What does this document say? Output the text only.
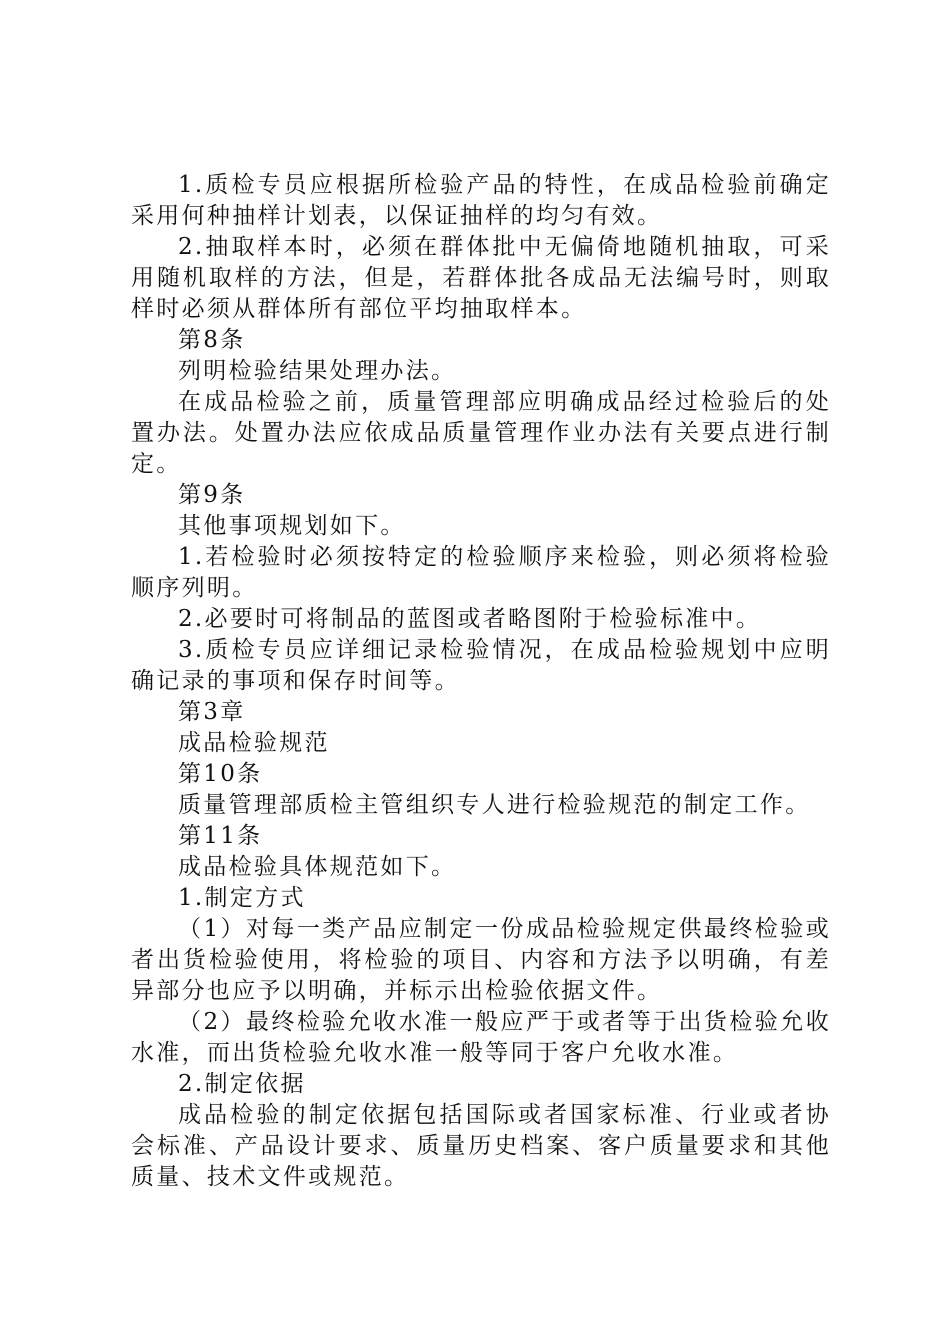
1.质检专员应根据所检验产品的特性，在成品检验前确定采用何种抽样计划表，以保证抽样的均匀有效。

2.抽取样本时，必须在群体批中无偏倚地随机抽取，可采用随机取样的方法，但是，若群体批各成品无法编号时，则取样时必须从群体所有部位平均抽取样本。

第8条

列明检验结果处理办法。

在成品检验之前，质量管理部应明确成品经过检验后的处置办法。处置办法应依成品质量管理作业办法有关要点进行制定。

第9条

其他事项规划如下。

1.若检验时必须按特定的检验顺序来检验，则必须将检验顺序列明。

2.必要时可将制品的蓝图或者略图附于检验标准中。

3.质检专员应详细记录检验情况，在成品检验规划中应明确记录的事项和保存时间等。

第3章

成品检验规范

第10条

质量管理部质检主管组织专人进行检验规范的制定工作。

第11条

成品检验具体规范如下。

1.制定方式

（1）对每一类产品应制定一份成品检验规定供最终检验或者出货检验使用，将检验的项目、内容和方法予以明确，有差异部分也应予以明确，并标示出检验依据文件。

（2）最终检验允收水准一般应严于或者等于出货检验允收水准，而出货检验允收水准一般等同于客户允收水准。

2.制定依据

成品检验的制定依据包括国际或者国家标准、行业或者协会标准、产品设计要求、质量历史档案、客户质量要求和其他质量、技术文件或规范。
